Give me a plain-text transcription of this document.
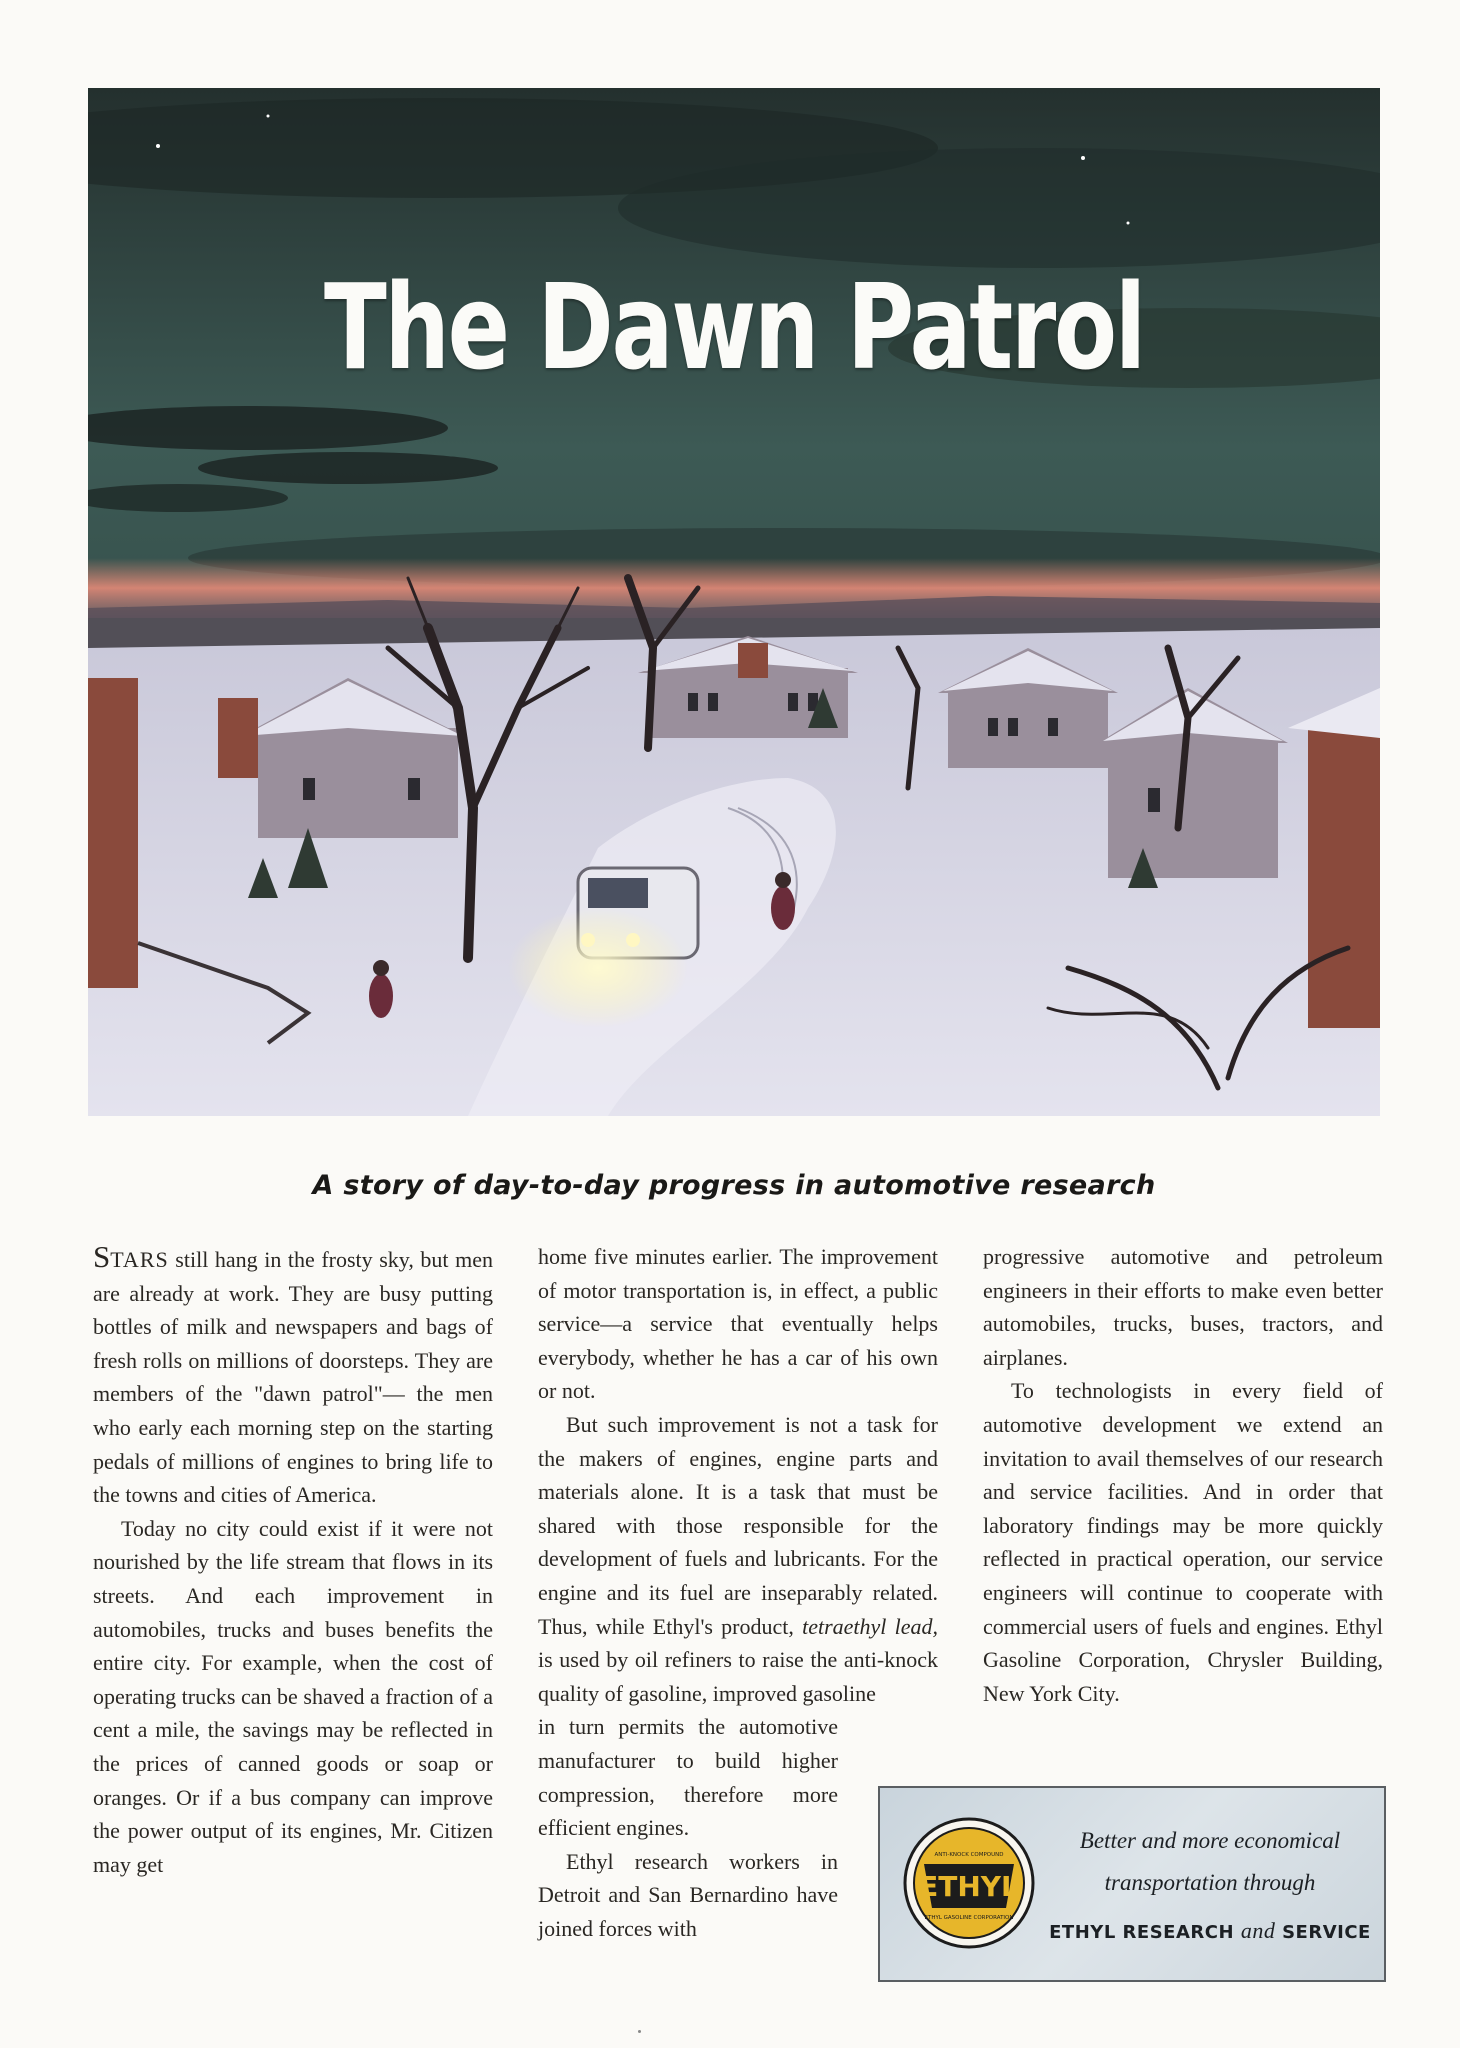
The Dawn Patrol
A story of day-to-day progress in automotive research

STARS still hang in the frosty sky, but men are already at work. They are busy putting bottles of milk and newspapers and bags of fresh rolls on millions of doorsteps. They are members of the "dawn patrol"— the men who early each morning step on the starting pedals of millions of engines to bring life to the towns and cities of America.

Today no city could exist if it were not nourished by the life stream that flows in its streets. And each improvement in automobiles, trucks and buses benefits the entire city. For example, when the cost of operating trucks can be shaved a fraction of a cent a mile, the savings may be reflected in the prices of canned goods or soap or oranges. Or if a bus company can improve the power output of its engines, Mr. Citizen may get

home five minutes earlier. The improvement of motor transportation is, in effect, a public service—a service that eventually helps everybody, whether he has a car of his own or not.

But such improvement is not a task for the makers of engines, engine parts and materials alone. It is a task that must be shared with those responsible for the development of fuels and lubricants. For the engine and its fuel are inseparably related. Thus, while Ethyl's product, tetraethyl lead, is used by oil refiners to raise the anti-knock quality of gasoline, improved gasoline

in turn permits the automotive manufacturer to build higher compression, therefore more efficient engines.

Ethyl research workers in Detroit and San Bernardino have joined forces with

progressive automotive and petroleum engineers in their efforts to make even better automobiles, trucks, buses, tractors, and airplanes.

To technologists in every field of automotive development we extend an invitation to avail themselves of our research and service facilities. And in order that laboratory findings may be more quickly reflected in practical operation, our service engineers will continue to cooperate with commercial users of fuels and engines. Ethyl Gasoline Corporation, Chrysler Building, New York City.

ETHYL
ANTI-KNOCK COMPOUND
ETHYL GASOLINE CORPORATION
Better and more economical
transportation through
ETHYL RESEARCH and SERVICE
